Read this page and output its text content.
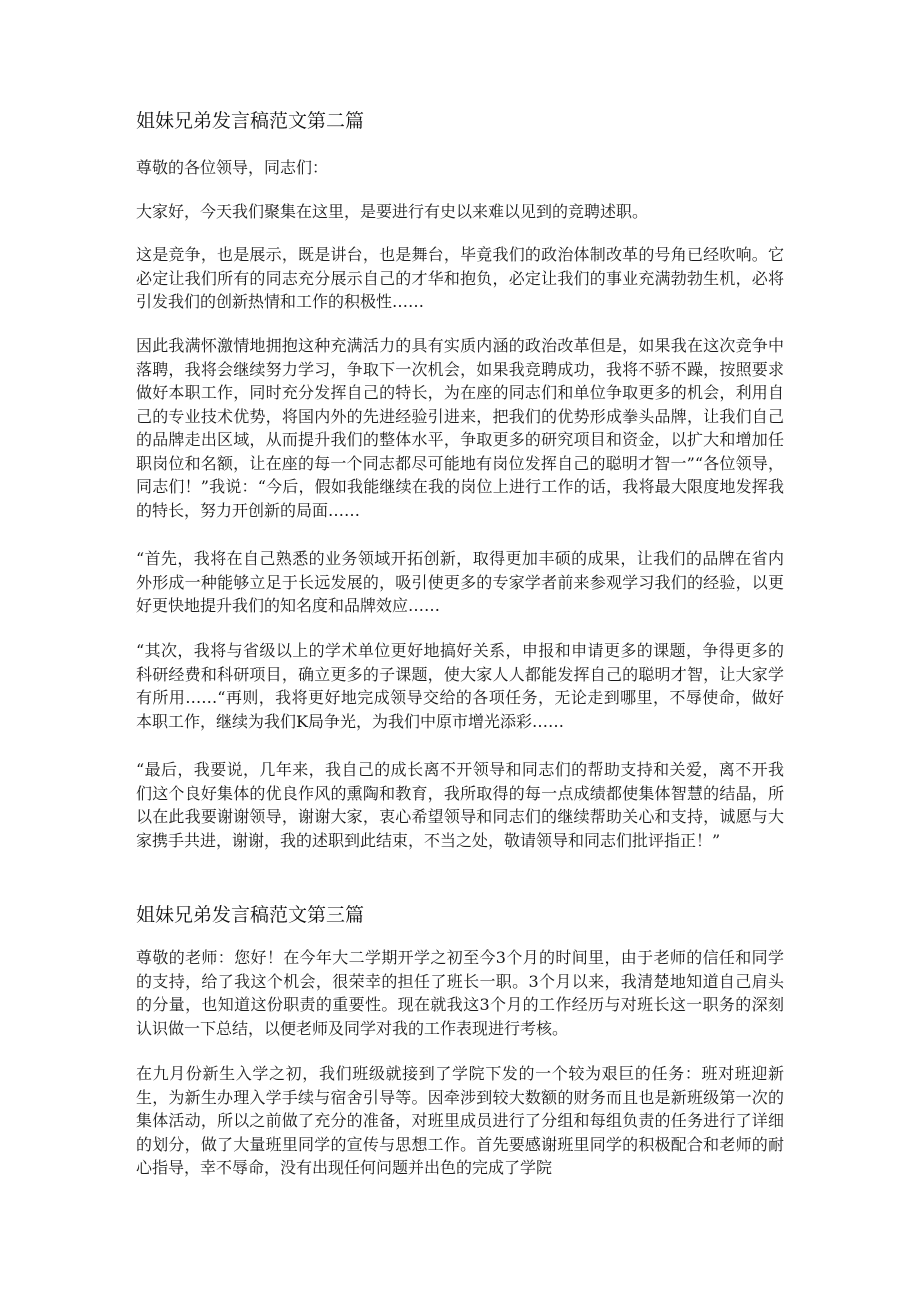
姐妹兄弟发言稿范文第二篇

尊敬的各位领导，同志们：

大家好，今天我们聚集在这里，是要进行有史以来难以见到的竞聘述职。

这是竞争，也是展示，既是讲台，也是舞台，毕竟我们的政治体制改革的号角已经吹响。它必定让我们所有的同志充分展示自己的才华和抱负，必定让我们的事业充满勃勃生机，必将引发我们的创新热情和工作的积极性……

因此我满怀激情地拥抱这种充满活力的具有实质内涵的政治改革但是，如果我在这次竞争中落聘，我将会继续努力学习，争取下一次机会，如果我竞聘成功，我将不骄不躁，按照要求做好本职工作，同时充分发挥自己的特长，为在座的同志们和单位争取更多的机会，利用自己的专业技术优势，将国内外的先进经验引进来，把我们的优势形成拳头品牌，让我们自己的品牌走出区域，从而提升我们的整体水平，争取更多的研究项目和资金，以扩大和增加任职岗位和名额，让在座的每一个同志都尽可能地有岗位发挥自己的聪明才智一”“各位领导，同志们！”我说：“今后，假如我能继续在我的岗位上进行工作的话，我将最大限度地发挥我的特长，努力开创新的局面……

“首先，我将在自己熟悉的业务领域开拓创新，取得更加丰硕的成果，让我们的品牌在省内外形成一种能够立足于长远发展的，吸引使更多的专家学者前来参观学习我们的经验，以更好更快地提升我们的知名度和品牌效应……

“其次，我将与省级以上的学术单位更好地搞好关系，申报和申请更多的课题，争得更多的科研经费和科研项目，确立更多的子课题，使大家人人都能发挥自己的聪明才智，让大家学有所用……“再则，我将更好地完成领导交给的各项任务，无论走到哪里，不辱使命，做好本职工作，继续为我们K局争光，为我们中原市增光添彩……

“最后，我要说，几年来，我自己的成长离不开领导和同志们的帮助支持和关爱，离不开我们这个良好集体的优良作风的熏陶和教育，我所取得的每一点成绩都使集体智慧的结晶，所以在此我要谢谢领导，谢谢大家，衷心希望领导和同志们的继续帮助关心和支持，诚愿与大家携手共进，谢谢，我的述职到此结束，不当之处，敬请领导和同志们批评指正！”

姐妹兄弟发言稿范文第三篇

尊敬的老师：您好！在今年大二学期开学之初至今3个月的时间里，由于老师的信任和同学的支持，给了我这个机会，很荣幸的担任了班长一职。3个月以来，我清楚地知道自己肩头的分量，也知道这份职责的重要性。现在就我这3个月的工作经历与对班长这一职务的深刻认识做一下总结，以便老师及同学对我的工作表现进行考核。

在九月份新生入学之初，我们班级就接到了学院下发的一个较为艰巨的任务：班对班迎新生，为新生办理入学手续与宿舍引导等。因牵涉到较大数额的财务而且也是新班级第一次的集体活动，所以之前做了充分的准备，对班里成员进行了分组和每组负责的任务进行了详细的划分，做了大量班里同学的宣传与思想工作。首先要感谢班里同学的积极配合和老师的耐心指导，幸不辱命，没有出现任何问题并出色的完成了学院
